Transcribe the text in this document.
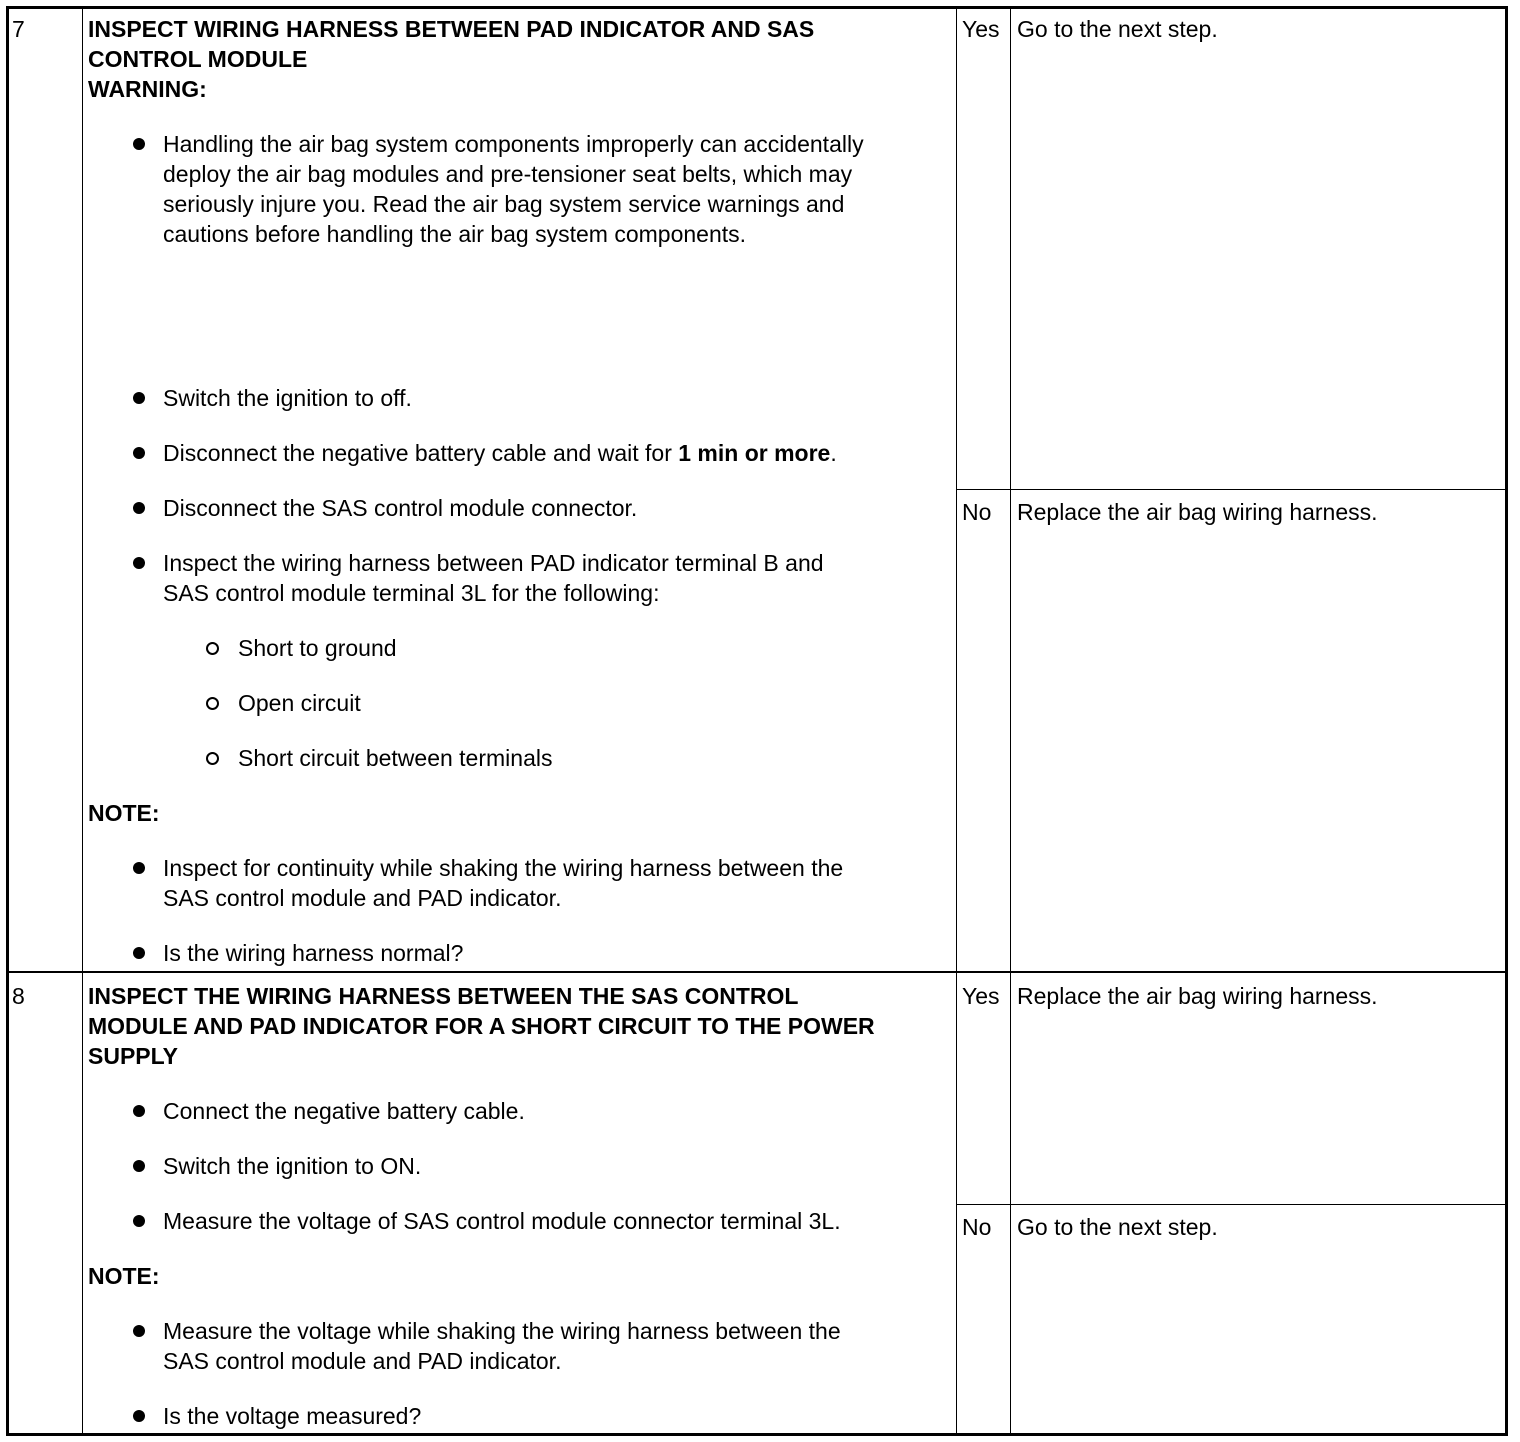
7	INSPECT WIRING HARNESS BETWEEN PAD INDICATOR AND SAS
CONTROL MODULE
WARNING:
Handling the air bag system components improperly can accidentally
deploy the air bag modules and pre-tensioner seat belts, which may
seriously injure you. Read the air bag system service warnings and
cautions before handling the air bag system components.
Switch the ignition to off.
Disconnect the negative battery cable and wait for 1 min or more.
Disconnect the SAS control module connector.
Inspect the wiring harness between PAD indicator terminal B and
SAS control module terminal 3L for the following:
Short to ground
Open circuit
Short circuit between terminals
NOTE:
Inspect for continuity while shaking the wiring harness between the
SAS control module and PAD indicator.
Is the wiring harness normal?
Yes Go to the next step.
No Replace the air bag wiring harness.
8	INSPECT THE WIRING HARNESS BETWEEN THE SAS CONTROL
MODULE AND PAD INDICATOR FOR A SHORT CIRCUIT TO THE POWER
SUPPLY
Connect the negative battery cable.
Switch the ignition to ON.
Measure the voltage of SAS control module connector terminal 3L.
NOTE:
Measure the voltage while shaking the wiring harness between the
SAS control module and PAD indicator.
Is the voltage measured?
Yes Replace the air bag wiring harness.
No Go to the next step.
